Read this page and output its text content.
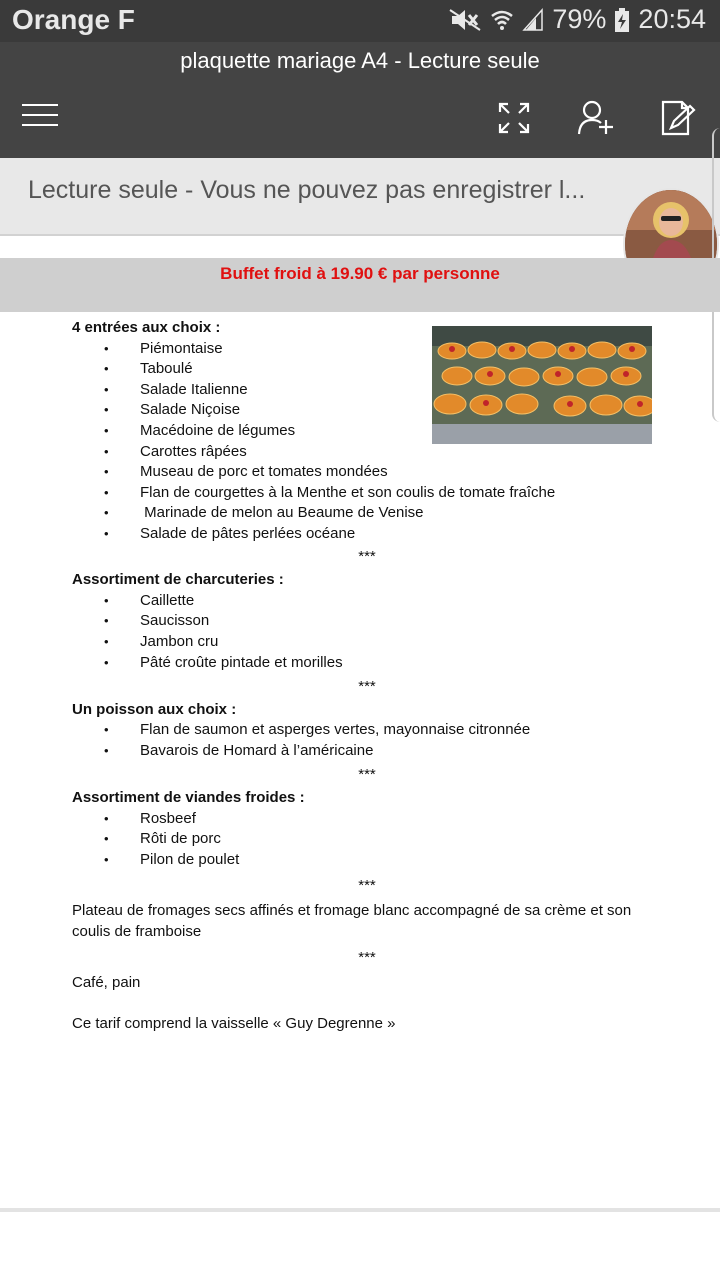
Orange F	79% 20:54
plaquette mariage A4 - Lecture seule
Lecture seule - Vous ne pouvez pas enregistrer l...
Buffet froid à 19.90 € par personne
4 entrées aux choix :
• Piémontaise
• Taboulé
• Salade Italienne
• Salade Niçoise
• Macédoine de légumes
• Carottes râpées
• Museau de porc et tomates mondées
• Flan de courgettes à la Menthe et son coulis de tomate fraîche
•  Marinade de melon au Beaume de Venise
• Salade de pâtes perlées océane
***
Assortiment de charcuteries :
• Caillette
• Saucisson
• Jambon cru
• Pâté croûte pintade et morilles
***
Un poisson aux choix :
• Flan de saumon et asperges vertes, mayonnaise citronnée
• Bavarois de Homard à l’américaine
***
Assortiment de viandes froides :
• Rosbeef
• Rôti de porc
• Pilon de poulet
***
Plateau de fromages secs affinés et fromage blanc accompagné de sa crème et son coulis de framboise
***
Café, pain
Ce tarif comprend la vaisselle « Guy Degrenne »
